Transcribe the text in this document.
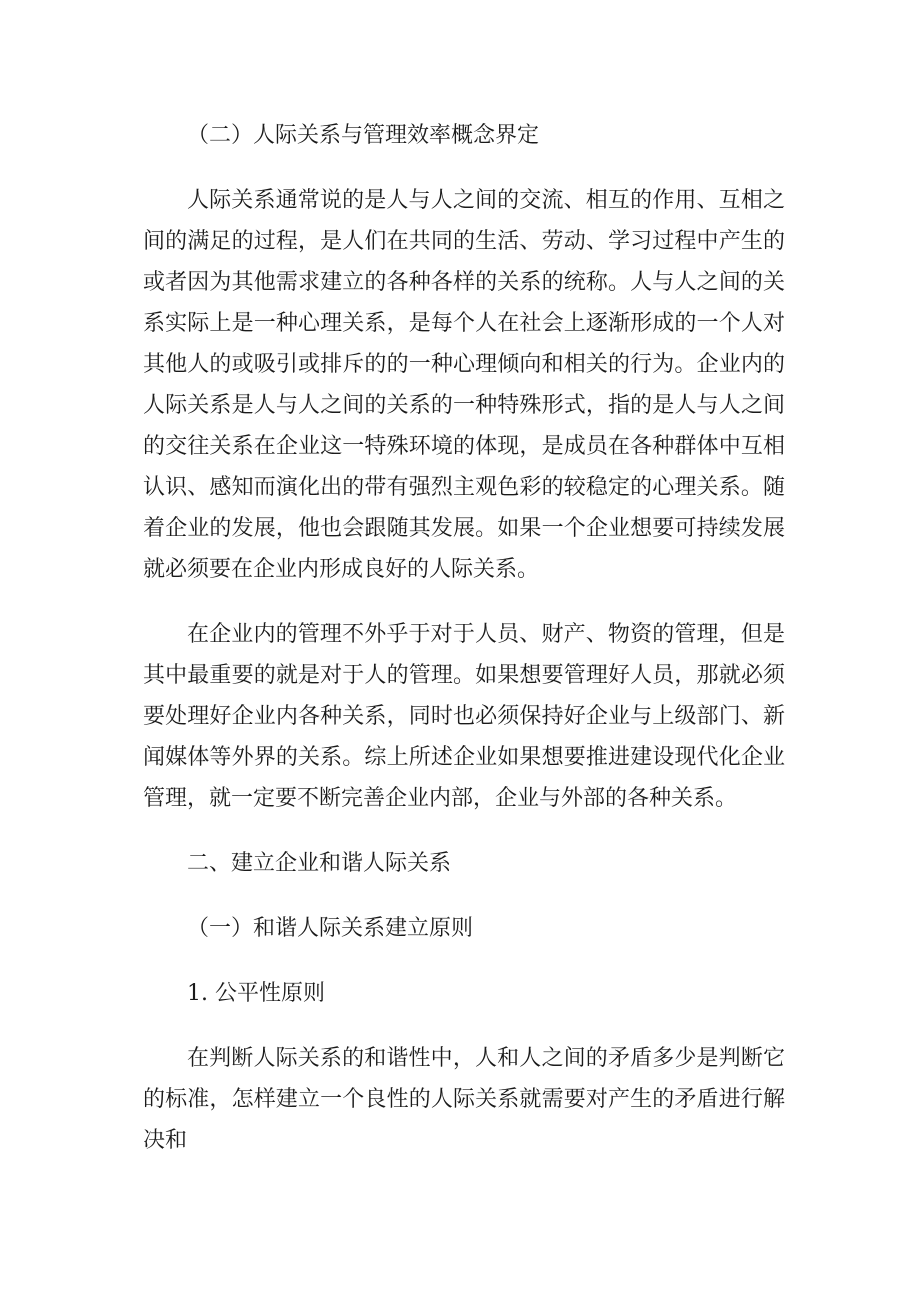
（二）人际关系与管理效率概念界定

人际关系通常说的是人与人之间的交流、相互的作用、互相之间的满足的过程，是人们在共同的生活、劳动、学习过程中产生的或者因为其他需求建立的各种各样的关系的统称。人与人之间的关系实际上是一种心理关系，是每个人在社会上逐渐形成的一个人对其他人的或吸引或排斥的的一种心理倾向和相关的行为。企业内的人际关系是人与人之间的关系的一种特殊形式，指的是人与人之间的交往关系在企业这一特殊环境的体现，是成员在各种群体中互相认识、感知而演化出的带有强烈主观色彩的较稳定的心理关系。随着企业的发展，他也会跟随其发展。如果一个企业想要可持续发展就必须要在企业内形成良好的人际关系。

在企业内的管理不外乎于对于人员、财产、物资的管理，但是其中最重要的就是对于人的管理。如果想要管理好人员，那就必须要处理好企业内各种关系，同时也必须保持好企业与上级部门、新闻媒体等外界的关系。综上所述企业如果想要推进建设现代化企业管理，就一定要不断完善企业内部，企业与外部的各种关系。

二、建立企业和谐人际关系

（一）和谐人际关系建立原则

1. 公平性原则

在判断人际关系的和谐性中，人和人之间的矛盾多少是判断它的标准，怎样建立一个良性的人际关系就需要对产生的矛盾进行解决和
